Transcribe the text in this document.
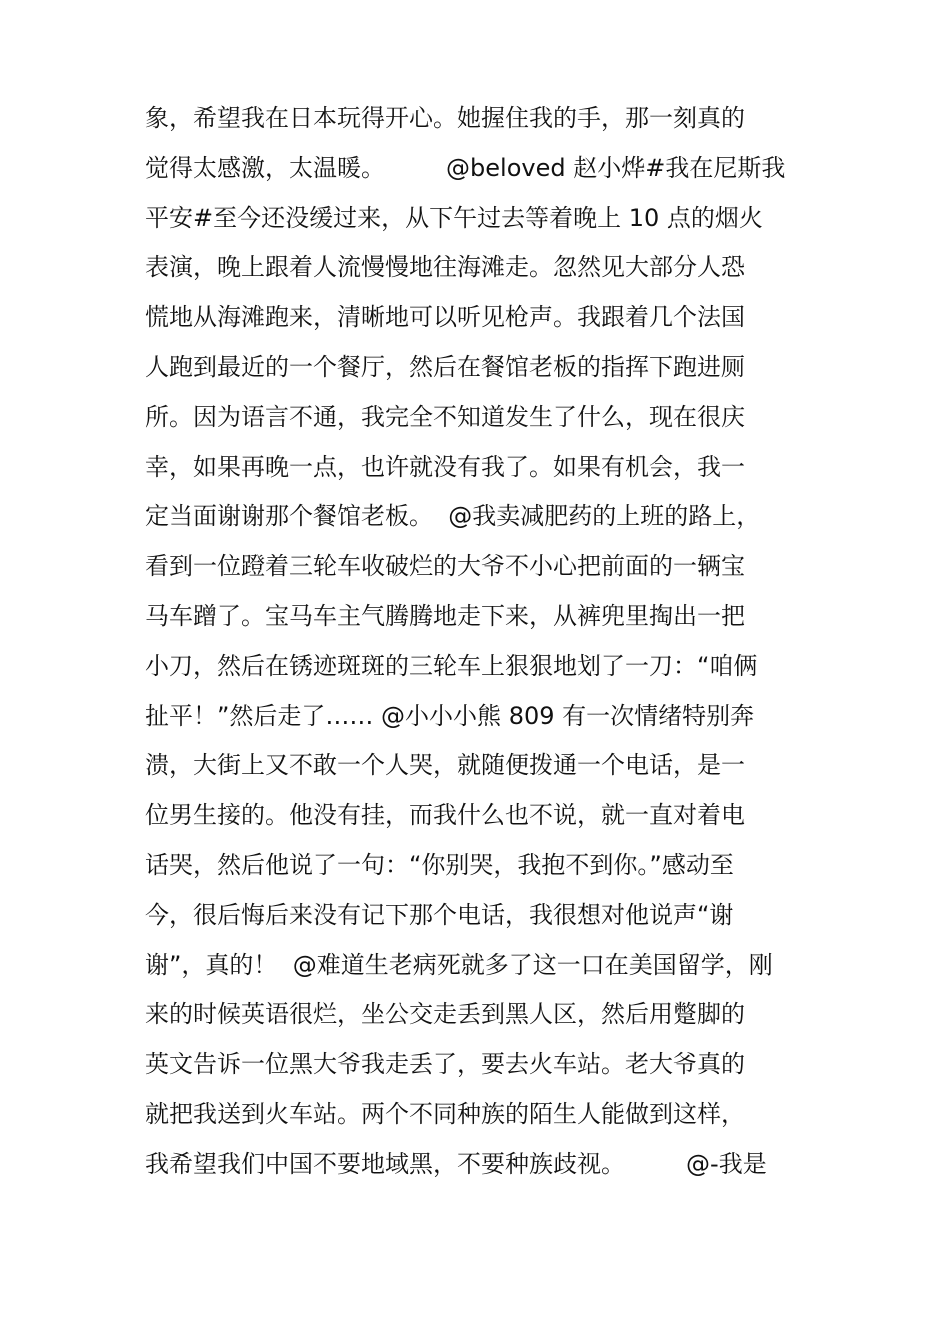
象，希望我在日本玩得开心。她握住我的手，那一刻真的
觉得太感激，太温暖。        @beloved 赵小烨#我在尼斯我
平安#至今还没缓过来，从下午过去等着晚上 10 点的烟火
表演，晚上跟着人流慢慢地往海滩走。忽然见大部分人恐
慌地从海滩跑来，清晰地可以听见枪声。我跟着几个法国
人跑到最近的一个餐厅，然后在餐馆老板的指挥下跑进厕
所。因为语言不通，我完全不知道发生了什么，现在很庆
幸，如果再晚一点，也许就没有我了。如果有机会，我一
定当面谢谢那个餐馆老板。  @我卖减肥药的上班的路上，
看到一位蹬着三轮车收破烂的大爷不小心把前面的一辆宝
马车蹭了。宝马车主气腾腾地走下来，从裤兜里掏出一把
小刀，然后在锈迹斑斑的三轮车上狠狠地划了一刀：“咱俩
扯平！”然后走了…… @小小小熊 809 有一次情绪特别奔
溃，大街上又不敢一个人哭，就随便拨通一个电话，是一
位男生接的。他没有挂，而我什么也不说，就一直对着电
话哭，然后他说了一句：“你别哭，我抱不到你。”感动至
今，很后悔后来没有记下那个电话，我很想对他说声“谢
谢”，真的！  @难道生老病死就多了这一口在美国留学，刚
来的时候英语很烂，坐公交走丢到黑人区，然后用蹩脚的
英文告诉一位黑大爷我走丢了，要去火车站。老大爷真的
就把我送到火车站。两个不同种族的陌生人能做到这样，
我希望我们中国不要地域黑，不要种族歧视。        @-我是
